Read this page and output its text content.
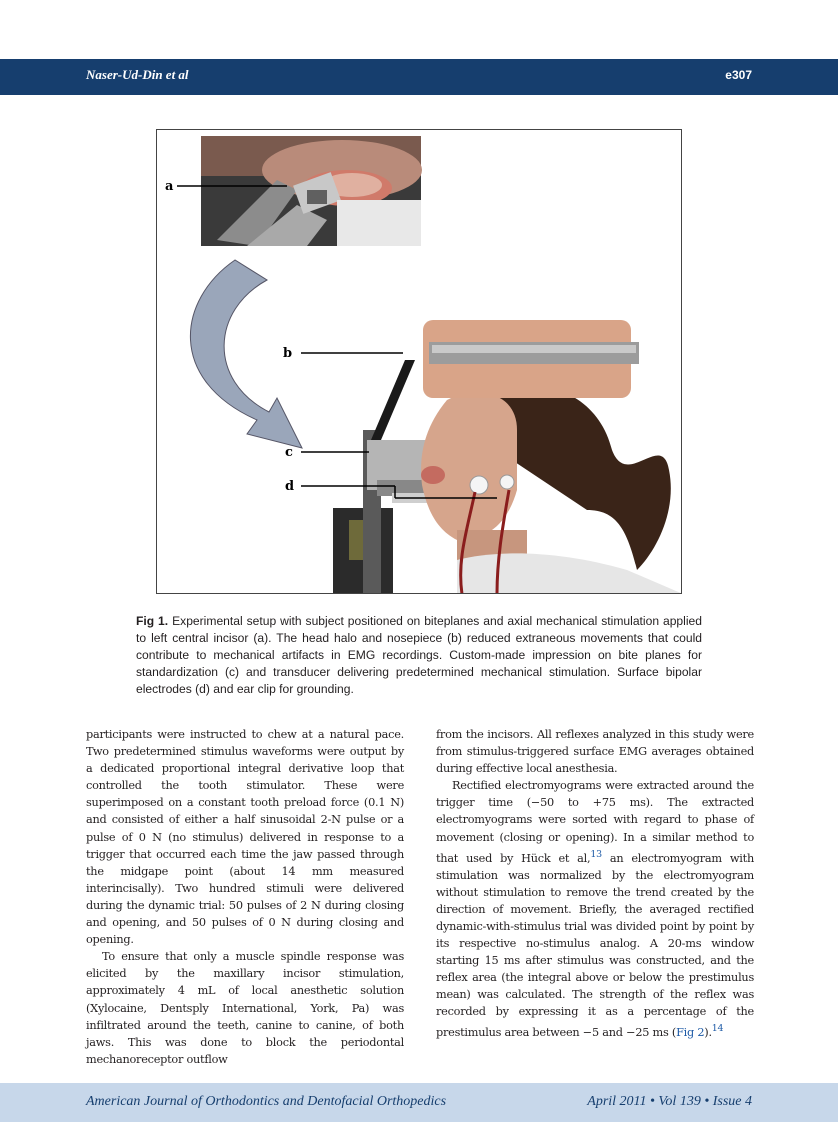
Naser-Ud-Din et al	e307
a
b
c
d
Fig 1. Experimental setup with subject positioned on biteplanes and axial mechanical stimulation applied to left central incisor (a). The head halo and nosepiece (b) reduced extraneous movements that could contribute to mechanical artifacts in EMG recordings. Custom-made impression on bite planes for standardization (c) and transducer delivering predetermined mechanical stimulation. Surface bipolar electrodes (d) and ear clip for grounding.

participants were instructed to chew at a natural pace. Two predetermined stimulus waveforms were output by a dedicated proportional integral derivative loop that controlled the tooth stimulator. These were superimposed on a constant tooth preload force (0.1 N) and consisted of either a half sinusoidal 2-N pulse or a pulse of 0 N (no stimulus) delivered in response to a trigger that occurred each time the jaw passed through the midgape point (about 14 mm measured interincisally). Two hundred stimuli were delivered during the dynamic trial: 50 pulses of 2 N during closing and opening, and 50 pulses of 0 N during closing and opening.

To ensure that only a muscle spindle response was elicited by the maxillary incisor stimulation, approximately 4 mL of local anesthetic solution (Xylocaine, Dentsply International, York, Pa) was infiltrated around the teeth, canine to canine, of both jaws. This was done to block the periodontal mechanoreceptor outflow

from the incisors. All reflexes analyzed in this study were from stimulus-triggered surface EMG averages obtained during effective local anesthesia.

Rectified electromyograms were extracted around the trigger time (−50 to +75 ms). The extracted electromyograms were sorted with regard to phase of movement (closing or opening). In a similar method to that used by Hück et al,$^{13}$ an electromyogram with stimulation was normalized by the electromyogram without stimulation to remove the trend created by the direction of movement. Briefly, the averaged rectified dynamic-with-stimulus trial was divided point by point by its respective no-stimulus analog. A 20-ms window starting 15 ms after stimulus was constructed, and the reflex area (the integral above or below the prestimulus mean) was calculated. The strength of the reflex was recorded by expressing it as a percentage of the prestimulus area between −5 and −25 ms (Fig 2).$^{14}$

American Journal of Orthodontics and Dentofacial Orthopedics	April 2011 • Vol 139 • Issue 4
